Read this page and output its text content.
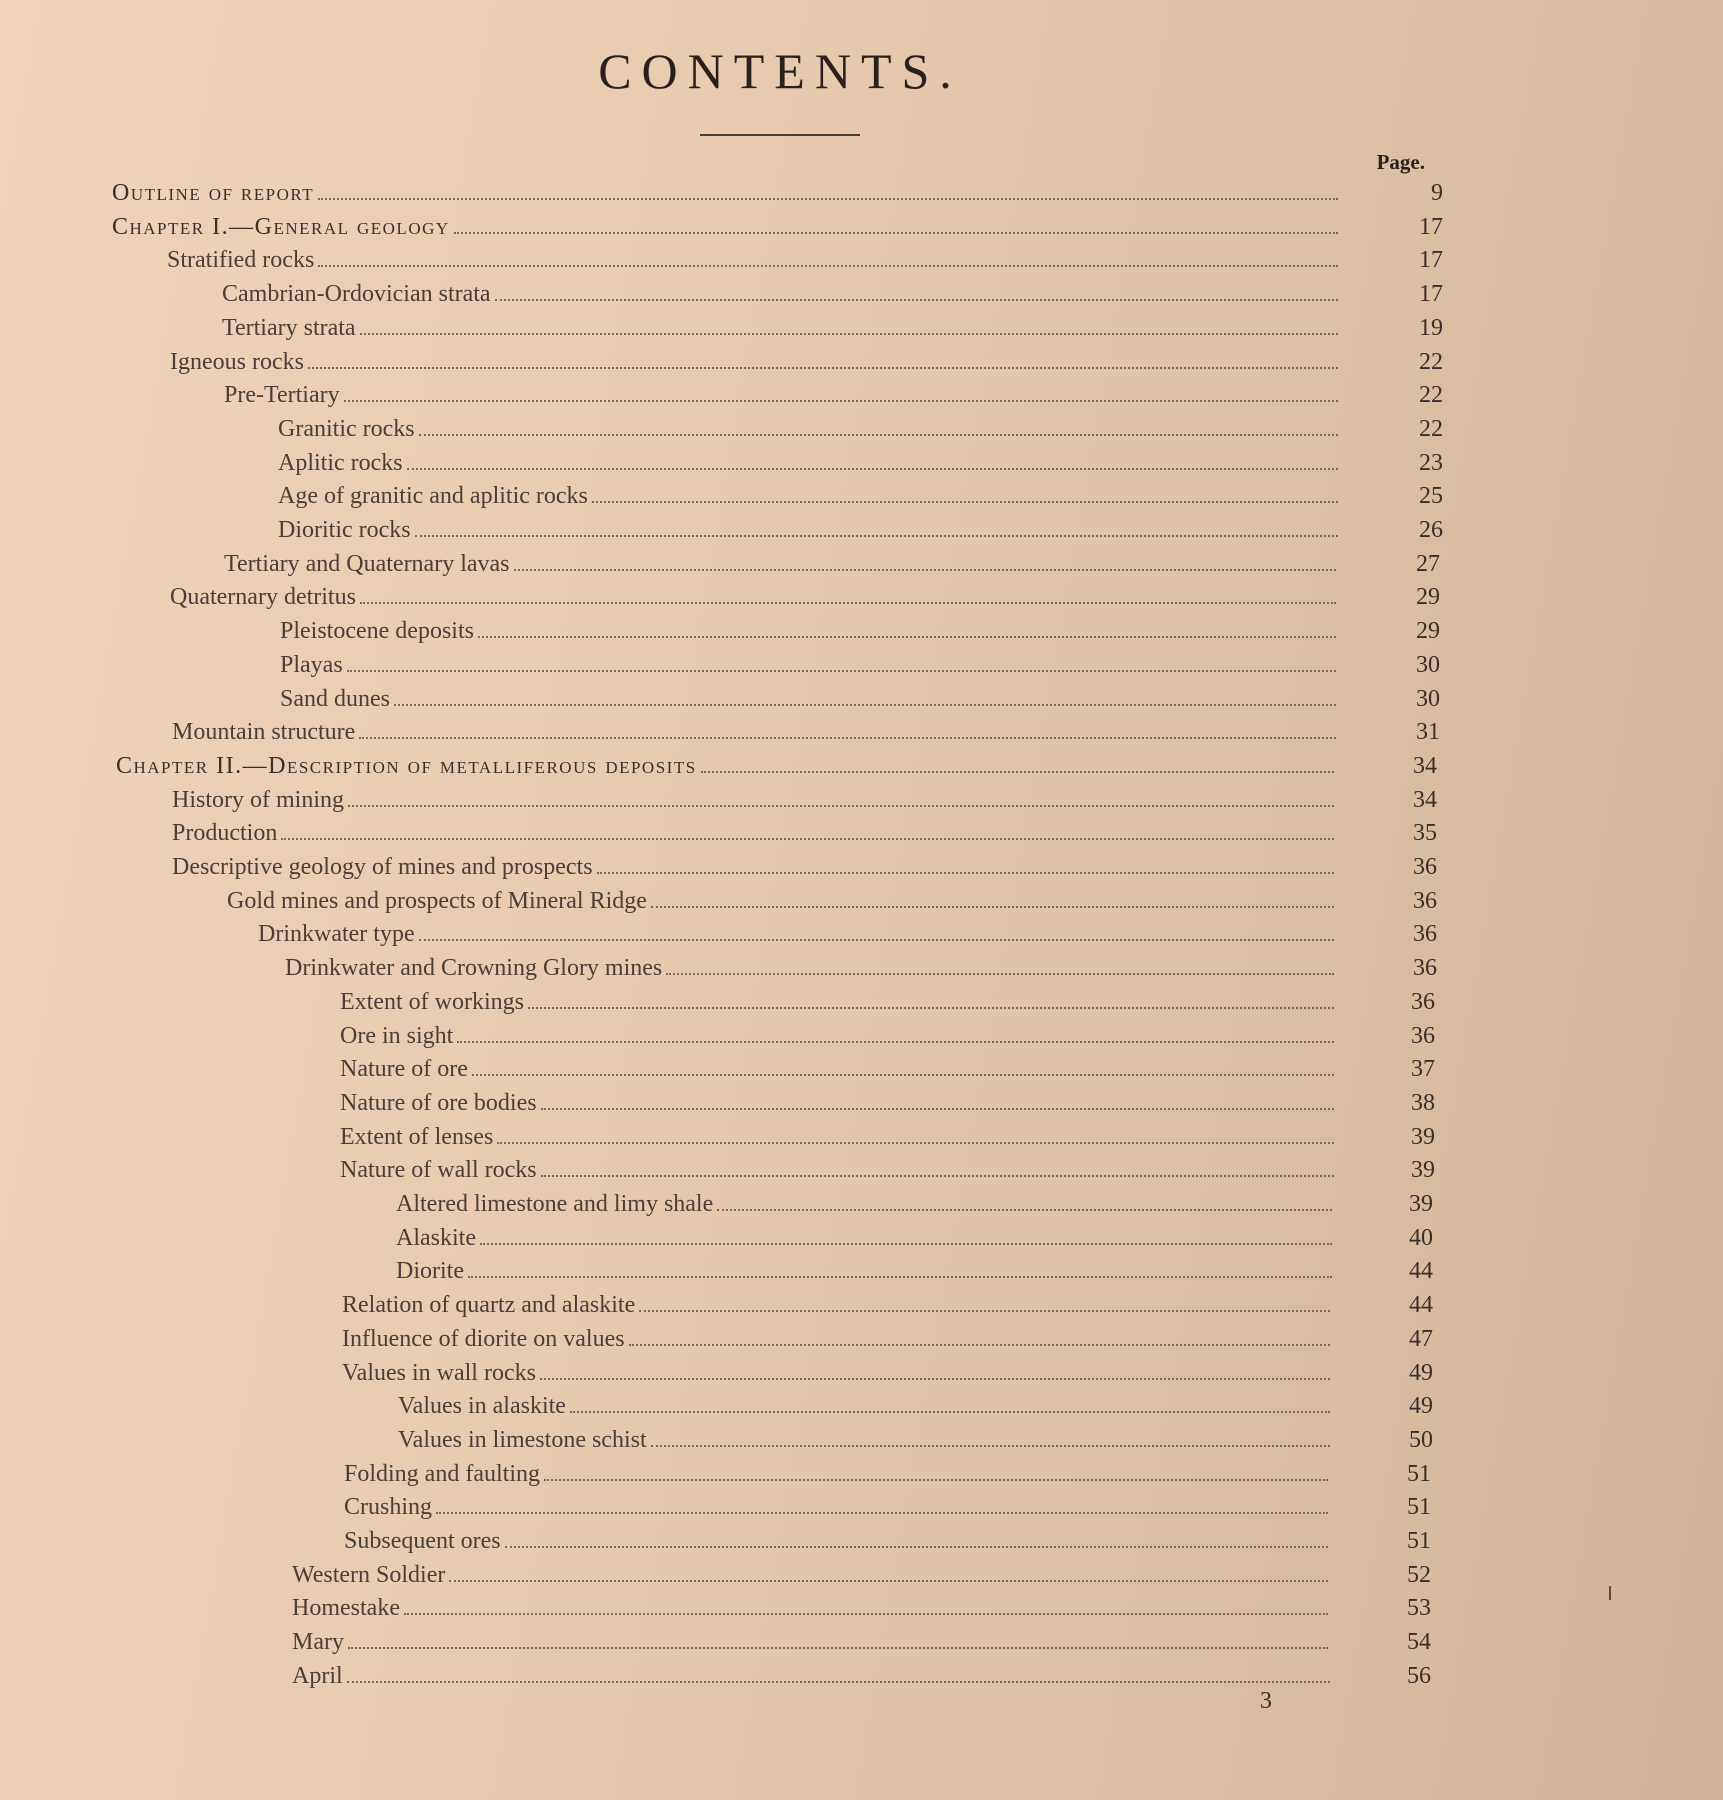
CONTENTS.
Page.
Outline of report	9
Chapter I.—General geology	17
Stratified rocks	17
Cambrian-Ordovician strata	17
Tertiary strata	19
Igneous rocks	22
Pre-Tertiary	22
Granitic rocks	22
Aplitic rocks	23
Age of granitic and aplitic rocks	25
Dioritic rocks	26
Tertiary and Quaternary lavas	27
Quaternary detritus	29
Pleistocene deposits	29
Playas	30
Sand dunes	30
Mountain structure	31
Chapter II.—Description of metalliferous deposits	34
History of mining	34
Production	35
Descriptive geology of mines and prospects	36
Gold mines and prospects of Mineral Ridge	36
Drinkwater type	36
Drinkwater and Crowning Glory mines	36
Extent of workings	36
Ore in sight	36
Nature of ore	37
Nature of ore bodies	38
Extent of lenses	39
Nature of wall rocks	39
Altered limestone and limy shale	39
Alaskite	40
Diorite	44
Relation of quartz and alaskite	44
Influence of diorite on values	47
Values in wall rocks	49
Values in alaskite	49
Values in limestone schist	50
Folding and faulting	51
Crushing	51
Subsequent ores	51
Western Soldier	52
Homestake	53
Mary	54
April	56
3
